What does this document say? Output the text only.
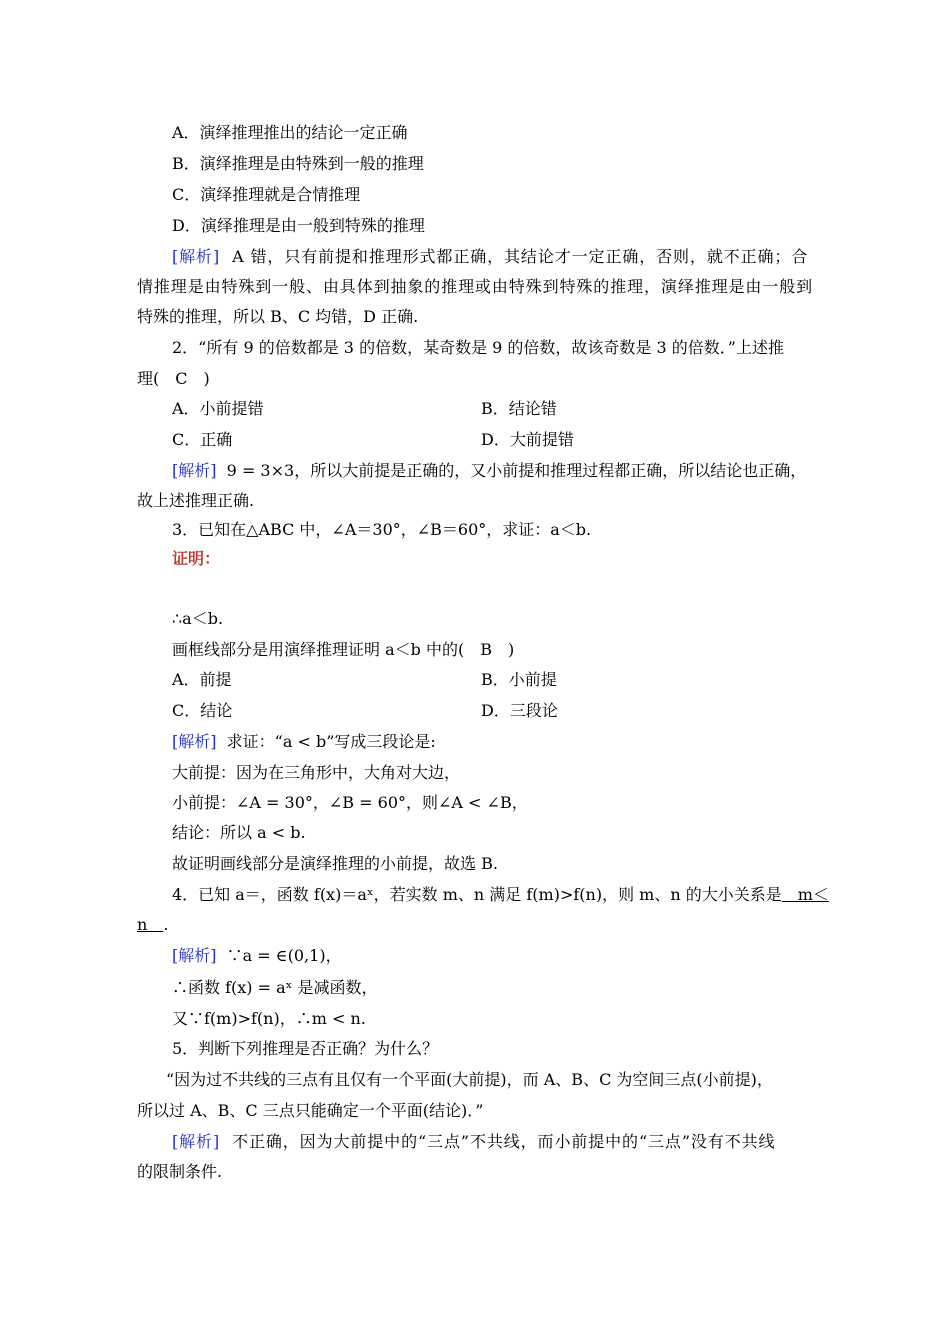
A．演绎推理推出的结论一定正确
B．演绎推理是由特殊到一般的推理
C．演绎推理就是合情推理
D．演绎推理是由一般到特殊的推理
[解析] A 错，只有前提和推理形式都正确，其结论才一定正确，否则，就不正确；合
情推理是由特殊到一般、由具体到抽象的推理或由特殊到特殊的推理，演绎推理是由一般到
特殊的推理，所以 B、C 均错，D 正确.
2．“所有 9 的倍数都是 3 的倍数，某奇数是 9 的倍数，故该奇数是 3 的倍数．”上述推
理(　C　)
A．小前提错	B．结论错
C．正确	D．大前提错
[解析] 9 = 3×3，所以大前提是正确的，又小前提和推理过程都正确，所以结论也正确，
故上述推理正确.
3．已知在△ABC 中，∠A＝30°，∠B＝60°，求证：a＜b.
证明：
∴a＜b.
画框线部分是用演绎推理证明 a＜b 中的(　B　)
A．前提	B．小前提
C．结论	D．三段论
[解析] 求证：“a < b”写成三段论是:
大前提：因为在三角形中，大角对大边，
小前提：∠A = 30°，∠B = 60°，则∠A < ∠B，
结论：所以 a < b.
故证明画线部分是演绎推理的小前提，故选 B.
4．已知 a＝，函数 f(x)＝aˣ，若实数 m、n 满足 f(m)>f(n)，则 m、n 的大小关系是　m＜
n　.
[解析] ∵a = ∈(0,1)，
∴函数 f(x) = aˣ 是减函数，
又∵f(m)>f(n)，∴m < n.
5．判断下列推理是否正确？为什么？
“因为过不共线的三点有且仅有一个平面(大前提)，而 A、B、C 为空间三点(小前提)，
所以过 A、B、C 三点只能确定一个平面(结论)．”
[解析] 不正确，因为大前提中的“三点”不共线，而小前提中的“三点”没有不共线
的限制条件.
